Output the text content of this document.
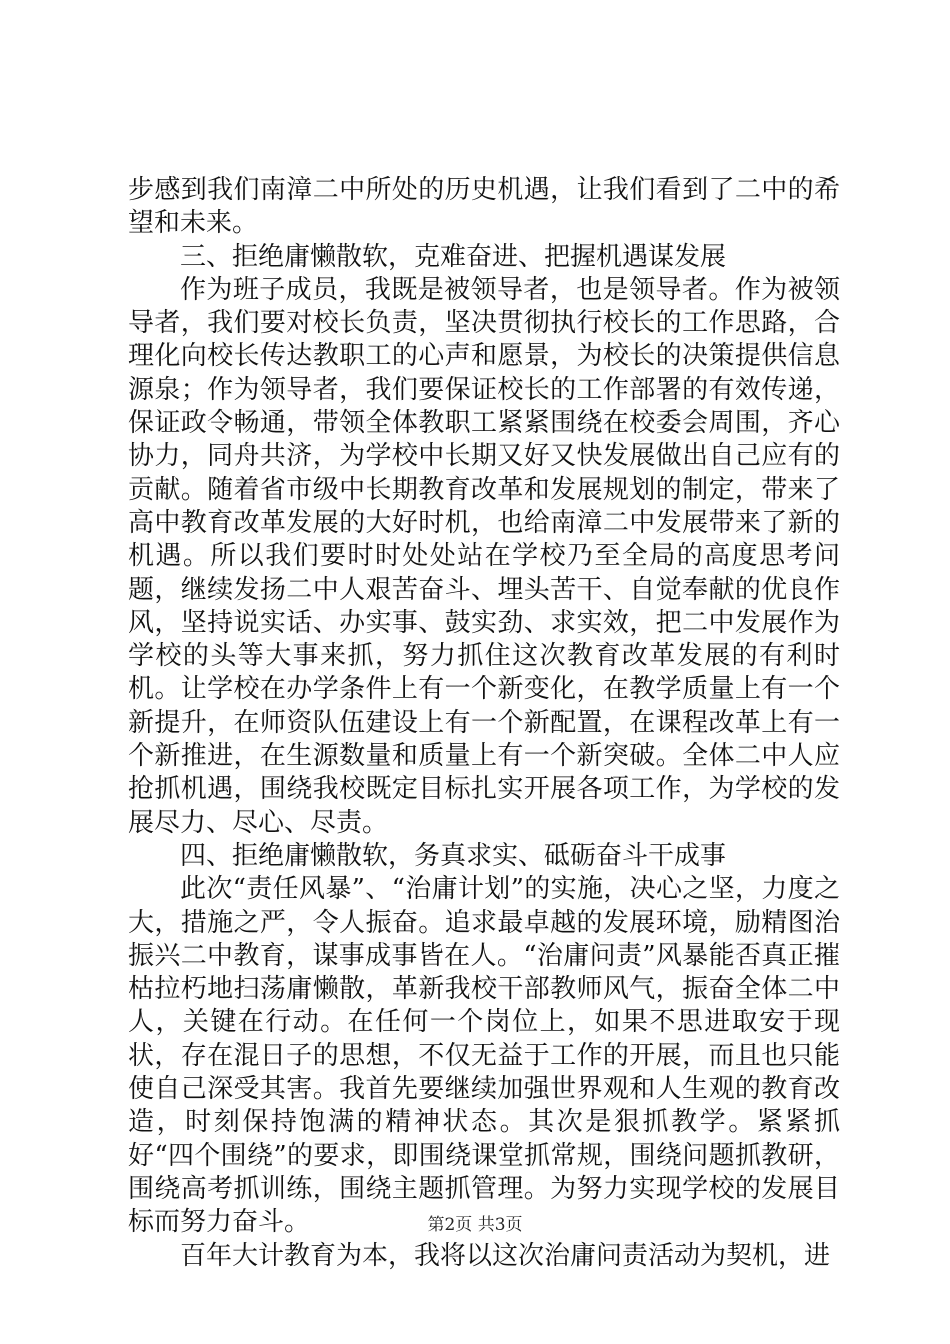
步感到我们南漳二中所处的历史机遇，让我们看到了二中的希望和未来。

三、拒绝庸懒散软，克难奋进、把握机遇谋发展

作为班子成员，我既是被领导者，也是领导者。作为被领导者，我们要对校长负责，坚决贯彻执行校长的工作思路，合理化向校长传达教职工的心声和愿景，为校长的决策提供信息源泉；作为领导者，我们要保证校长的工作部署的有效传递，保证政令畅通，带领全体教职工紧紧围绕在校委会周围，齐心协力，同舟共济，为学校中长期又好又快发展做出自己应有的贡献。随着省市级中长期教育改革和发展规划的制定，带来了高中教育改革发展的大好时机，也给南漳二中发展带来了新的机遇。所以我们要时时处处站在学校乃至全局的高度思考问题，继续发扬二中人艰苦奋斗、埋头苦干、自觉奉献的优良作风，坚持说实话、办实事、鼓实劲、求实效，把二中发展作为学校的头等大事来抓，努力抓住这次教育改革发展的有利时机。让学校在办学条件上有一个新变化，在教学质量上有一个新提升，在师资队伍建设上有一个新配置，在课程改革上有一个新推进，在生源数量和质量上有一个新突破。全体二中人应抢抓机遇，围绕我校既定目标扎实开展各项工作，为学校的发展尽力、尽心、尽责。

四、拒绝庸懒散软，务真求实、砥砺奋斗干成事

此次“责任风暴”、“治庸计划”的实施，决心之坚，力度之大，措施之严，令人振奋。追求最卓越的发展环境，励精图治振兴二中教育，谋事成事皆在人。“治庸问责”风暴能否真正摧枯拉朽地扫荡庸懒散，革新我校干部教师风气，振奋全体二中人，关键在行动。在任何一个岗位上，如果不思进取安于现状，存在混日子的思想，不仅无益于工作的开展，而且也只能使自己深受其害。我首先要继续加强世界观和人生观的教育改造，时刻保持饱满的精神状态。其次是狠抓教学。紧紧抓好“四个围绕”的要求，即围绕课堂抓常规，围绕问题抓教研，围绕高考抓训练，围绕主题抓管理。为努力实现学校的发展目标而努力奋斗。

百年大计教育为本，我将以这次治庸问责活动为契机，进

第2页 共3页
